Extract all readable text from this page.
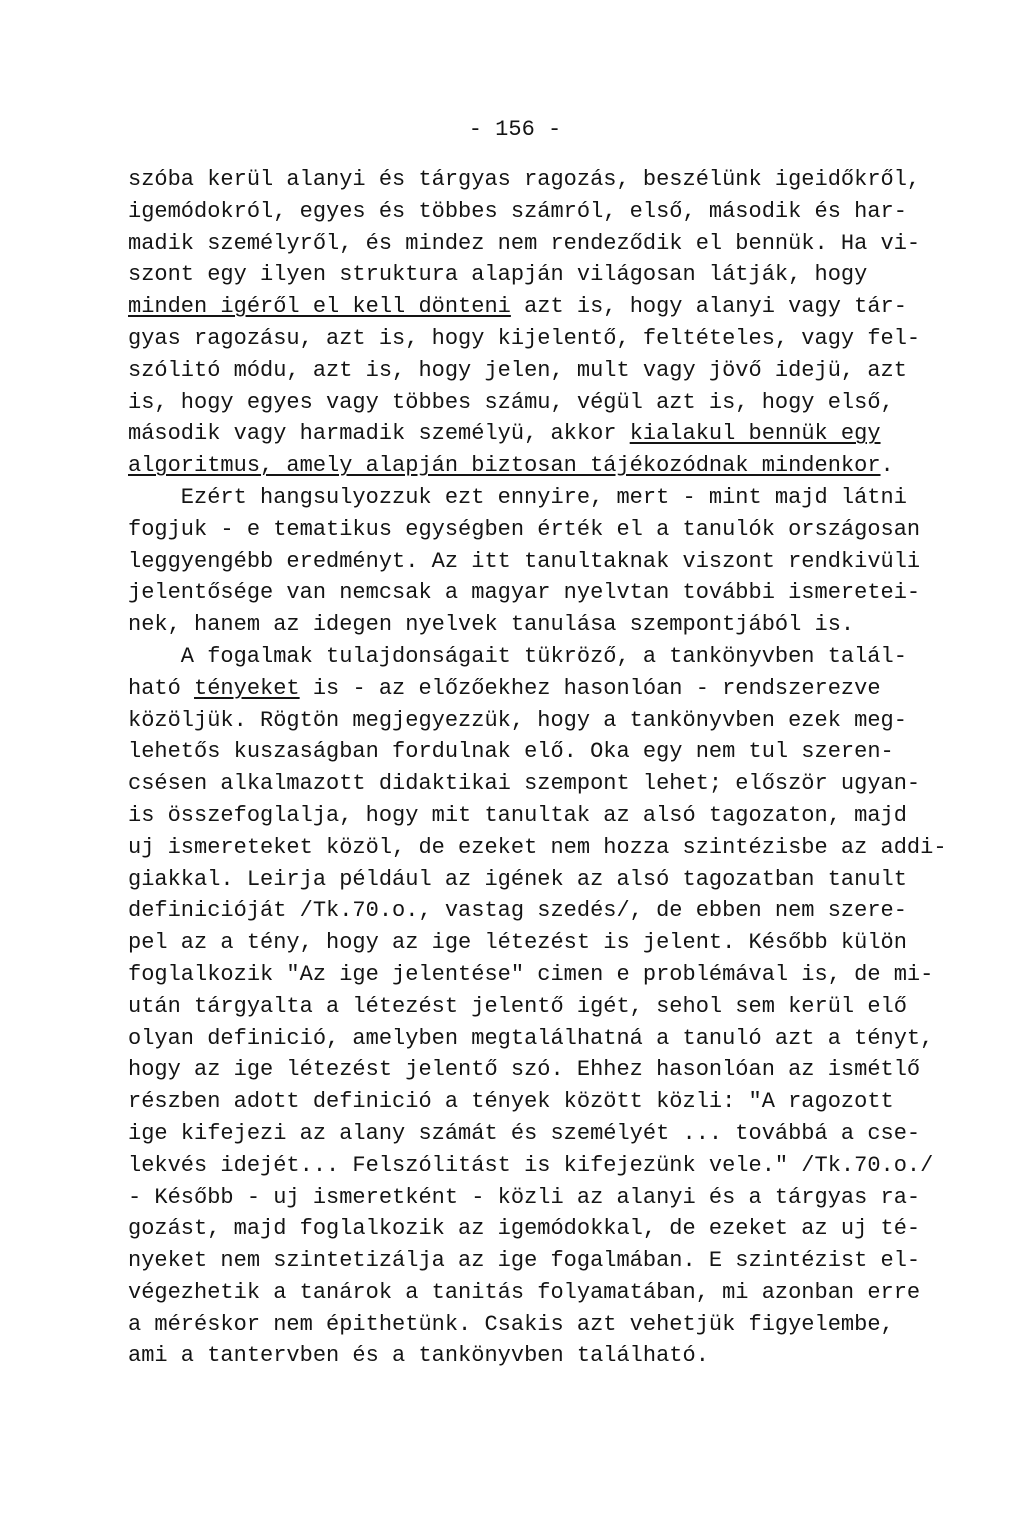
- 156 -
szóba kerül alanyi és tárgyas ragozás, beszélünk igeidőkről,
igemódokról, egyes és többes számról, első, második és har-
madik személyről, és mindez nem rendeződik el bennük. Ha vi-
szont egy ilyen struktura alapján világosan látják, hogy
minden igéről el kell dönteni azt is, hogy alanyi vagy tár-
gyas ragozásu, azt is, hogy kijelentő, feltételes, vagy fel-
szólitó módu, azt is, hogy jelen, mult vagy jövő idejü, azt
is, hogy egyes vagy többes számu, végül azt is, hogy első,
második vagy harmadik személyü, akkor kialakul bennük egy
algoritmus, amely alapján biztosan tájékozódnak mindenkor.
Ezért hangsulyozzuk ezt ennyire, mert - mint majd látni
fogjuk - e tematikus egységben érték el a tanulók országosan
leggyengébb eredményt. Az itt tanultaknak viszont rendkivüli
jelentősége van nemcsak a magyar nyelvtan további ismeretei-
nek, hanem az idegen nyelvek tanulása szempontjából is.
A fogalmak tulajdonságait tükröző, a tankönyvben talál-
ható tényeket is - az előzőekhez hasonlóan - rendszerezve
közöljük. Rögtön megjegyezzük, hogy a tankönyvben ezek meg-
lehetős kuszaságban fordulnak elő. Oka egy nem tul szeren-
csésen alkalmazott didaktikai szempont lehet; először ugyan-
is összefoglalja, hogy mit tanultak az alsó tagozaton, majd
uj ismereteket közöl, de ezeket nem hozza szintézisbe az addi-
giakkal. Leirja például az igének az alsó tagozatban tanult
definicióját /Tk.70.o., vastag szedés/, de ebben nem szere-
pel az a tény, hogy az ige létezést is jelent. Később külön
foglalkozik "Az ige jelentése" cimen e problémával is, de mi-
után tárgyalta a létezést jelentő igét, sehol sem kerül elő
olyan definició, amelyben megtalálhatná a tanuló azt a tényt,
hogy az ige létezést jelentő szó. Ehhez hasonlóan az ismétlő
részben adott definició a tények között közli: "A ragozott
ige kifejezi az alany számát és személyét ... továbbá a cse-
lekvés idejét... Felszólitást is kifejezünk vele." /Tk.70.o./
- Később - uj ismeretként - közli az alanyi és a tárgyas ra-
gozást, majd foglalkozik az igemódokkal, de ezeket az uj té-
nyeket nem szintetizálja az ige fogalmában. E szintézist el-
végezhetik a tanárok a tanitás folyamatában, mi azonban erre
a méréskor nem épithetünk. Csakis azt vehetjük figyelembe,
ami a tantervben és a tankönyvben található.
